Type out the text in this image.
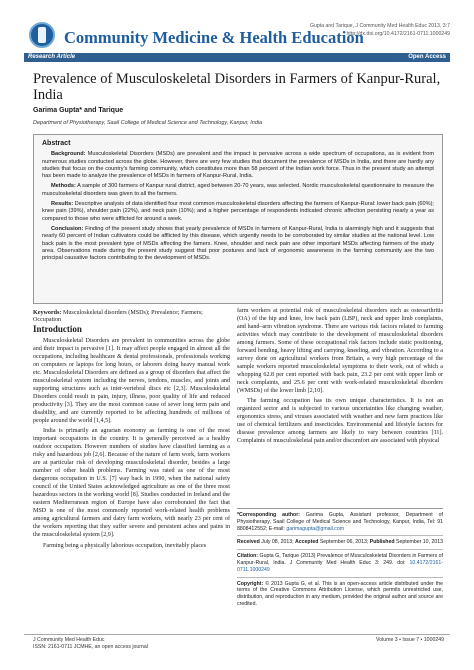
Community Medicine & Health Education
Gupta and Tarique, J Community Med Health Educ 2013, 3:7
http://dx.doi.org/10.4172/2161-0711.1000249
Research Article	Open Access
Prevalence of Musculoskeletal Disorders in Farmers of Kanpur-Rural, India
Garima Gupta* and Tarique
Department of Physiotherapy, Saail College of Medical Science and Technology, Kanpur, India
Abstract

Background: Musculoskeletal Disorders (MSDs) are prevalent and the impact is pervasive across a wide spectrum of occupations, as is evident from numerous studies conducted across the globe. However, there are very few studies that document the prevalence of MSDs in India, and there are hardly any studies that focus on the country's farming community, which constitutes more than 58 percent of the Indian work force. Thus in the present study an attempt has been made to analyze the prevalence of MSDs in farmers of Kanpur-Rural, India.

Methods: A sample of 300 farmers of Kanpur rural district, aged between 20-70 years, was selected. Nordic musculoskeletal questionnaire to measure the musculoskeletal disorders was given to all the farmers.

Results: Descriptive analysis of data identified four most common musculoskeletal disorders affecting the farmers of Kanpur-Rural: lower back pain (60%); knee pain (39%), shoulder pain (22%), and neck pain (10%); and a higher percentage of respondents indicated chronic affection persisting nearly a year as compared to those who were afflicted for around a week.

Conclusion: Finding of the present study shows that yearly prevalence of MSDs in farmers of Kanpur-Rural, India is alarmingly high and it suggests that nearly 60 percent of Indian cultivators could be afflicted by this disease, which urgently needs to be corroborated by similar studies at the national level. Low back pain is the most prevalent type of MSDs affecting the famers. Knee, shoulder and neck pain are other important MSDs affecting farmers of the study area. Observations made during the present study suggest that poor postures and lack of ergonomic awareness in the farming community are the two principal causative factors contributing to the development of MSDs.

Keywords: Musculoskeletal disorders (MSDs); Prevalence; Farmers; Occupation
Introduction

Musculoskeletal Disorders are prevalent in communities across the globe and their impact is pervasive [1]. It may affect people engaged in almost all the occupations, including healthcare & dental professionals, professionals working on computers or laptops for long hours, or laborers doing heavy manual work etc. Musculoskeletal Disorders are defined as a group of disorders that affect the musculoskeletal system including the nerves, tendons, muscles, and joints and supporting structures such as inter-vertebral discs etc [2,3]. Musculoskeletal Disorders could result in pain, injury, illness, poor quality of life and reduced productivity [3]. They are the most common cause of sever long term pain and disability, and are currently reported to be affecting hundreds of millions of people around the world [1,4,5].

India is primarily an agrarian economy as farming is one of the most important occupations in the country. It is generally perceived as a healthy outdoor occupation. However numbers of studies have classified farming as a risky and hazardous job [2,6]. Because of the nature of farm work, farm workers are at particular risk of developing musculoskeletal disorder, besides a large number of other health problems. Farming was rated as one of the most dangerous occupation in U.S. [7] way back in 1990, when the national safety council of the United States acknowledged agriculture as one of the three most hazardous sectors in the working world [8]. Studies conducted in Ireland and the eastern Mediterranean region of Europe have also corroborated the fact that MSD is one of the most commonly reported work-related health problems among agricultural farmers and dairy farm workers, with nearly 23 per cent of the workers reporting that they suffer severe and persistent aches and pains in the musculoskeletal system [2,9].

Farming being a physically laborious occupation, inevitably places

farm workers at potential risk of musculoskeletal disorders such as osteoarthritis (OA) of the hip and knee, low back pain (LBP), neck and upper limb complaints, and hand–arm vibration syndrome. There are various risk factors related to farming activities which may contribute to the development of musculoskeletal disorders among farmers. Some of these occupational risk factors include static positioning, forward bending, heavy lifting and carrying, kneeling, and vibration. According to a survey done on agricultural workers from Britain, a very high percentage of the sample workers reported musculoskeletal symptoms to their work, out of which a whopping 62.8 per cent reported with back pain, 23.2 per cent with upper limb or neck complaints, and 25.6 per cent with work-related musculoskeletal disorders (WMSDs) of the lower limb [2,10].

The farming occupation has its own unique characteristics. It is not an organized sector and is subjected to various uncertainties like changing weather, ergonomics stress, and viruses associated with weather and new farm practices like use of chemical fertilizers and insecticides. Environmental and lifestyle factors for disease prevalence among farmers are likely to vary between countries [11]. Complaints of musculoskeletal pain and/or discomfort are associated with physical

*Corresponding author: Garima Gupta, Assistant professor, Department of Physiotherapy, Saail College of Medical Science and Technology, Kanpur, India, Tel: 91 8808412552; E-mail: garimagupta@gmail.com

Received July 08, 2013; Accepted September 06, 2013; Published September 10, 2013

Citation: Gupta G, Tarique (2013) Prevalence of Musculoskeletal Disorders in Farmers of Kanpur-Rural, India. J Community Med Health Educ 3: 249. doi: 10.4172/2161-0711.1000249

Copyright: © 2013 Gupta G, et al. This is an open-access article distributed under the terms of the Creative Commons Attribution License, which permits unrestricted use, distribution, and reproduction in any medium, provided the original author and source are credited.

J Community Med Health Educ
ISSN: 2161-0711 JCMHE, an open access journal
Volume 3 • Issue 7 • 1000249
